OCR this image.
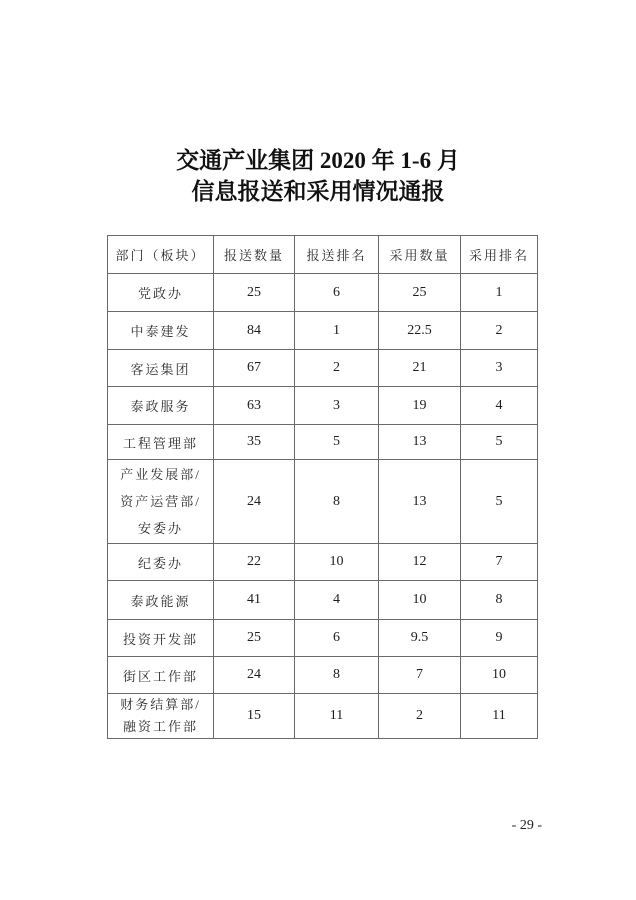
交通产业集团 2020 年 1-6 月
信息报送和采用情况通报
部门（板块）	报送数量	报送排名	采用数量	采用排名

党政办	25	6	25	1

中泰建发	84	1	22.5	2

客运集团	67	2	21	3

泰政服务	63	3	19	4

工程管理部	35	5	13	5

产业发展部/
资产运营部/
安委办	24	8	13	5

纪委办	22	10	12	7

泰政能源	41	4	10	8

投资开发部	25	6	9.5	9

街区工作部	24	8	7	10

财务结算部/
融资工作部	15	11	2	11
- 29 -
